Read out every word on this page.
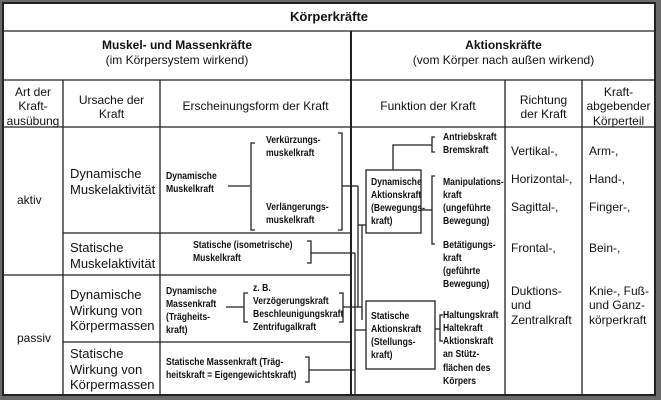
Körperkräfte
Muskel- und Massenkräfte
(im Körpersystem wirkend)
Aktionskräfte
(vom Körper nach außen wirkend)
Art der
Kraft-
ausübung
Ursache der
Kraft
Erscheinungsform der Kraft	Funktion der Kraft	Richtung
der Kraft
Kraft-
abgebender
Körperteil
aktiv
passiv
Dynamische
Muskelaktivität
Statische
Muskelaktivität
Dynamische
Wirkung von
Körpermassen
Statische
Wirkung von
Körpermassen
Dynamische
Muskelkraft
Verkürzungs-
muskelkraft
Verlängerungs-
muskelkraft
Statische (isometrische)
Muskelkraft
Dynamische
Massenkraft
(Trägheits-
kraft)
z. B.
Verzögerungskraft
Beschleunigungskraft
Zentrifugalkraft
Statische Massenkraft (Träg-
heitskraft = Eigengewichtskraft)
Dynamische
Aktionskraft
(Bewegungs-
kraft)
Antriebskraft
Bremskraft
Manipulations-
kraft
(ungeführte
Bewegung)
Betätigungs-
kraft
(geführte
Bewegung)
Statische
Aktionskraft
(Stellungs-
kraft)
Haltungskraft
Haltekraft
Aktionskraft
an Stütz-
flächen des
Körpers
Vertikal-,
Horizontal-,
Sagittal-,
Frontal-,
Duktions-
und
Zentralkraft
Arm-,
Hand-,
Finger-,
Bein-,
Knie-, Fuß-
und Ganz-
körperkraft
